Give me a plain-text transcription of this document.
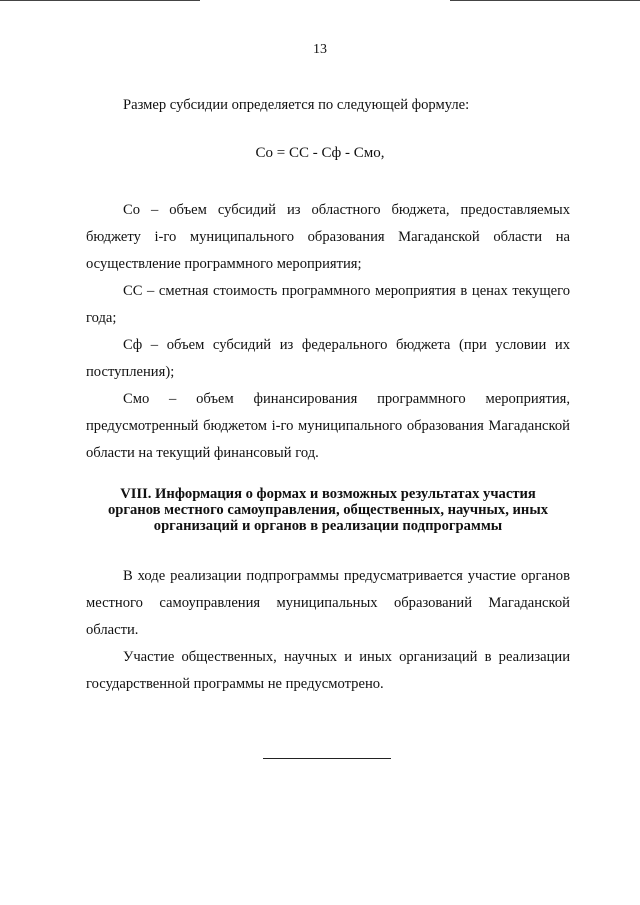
13

Размер субсидии определяется по следующей формуле:

Со = СС - Сф - Смо,

Со – объем субсидий из областного бюджета, предоставляемых бюджету i-го муниципального образования Магаданской области на осуществление программного мероприятия;

СС – сметная стоимость программного мероприятия в ценах текущего года;

Сф – объем субсидий из федерального бюджета (при условии их поступления);

Смо – объем финансирования программного мероприятия, предусмотренный бюджетом i-го муниципального образования Магаданской области на текущий финансовый год.

VIII. Информация о формах и возможных результатах участия
органов местного самоуправления, общественных, научных, иных
организаций и органов в реализации подпрограммы

В ходе реализации подпрограммы предусматривается участие органов местного самоуправления муниципальных образований Магаданской области.

Участие общественных, научных и иных организаций в реализации государственной программы не предусмотрено.
